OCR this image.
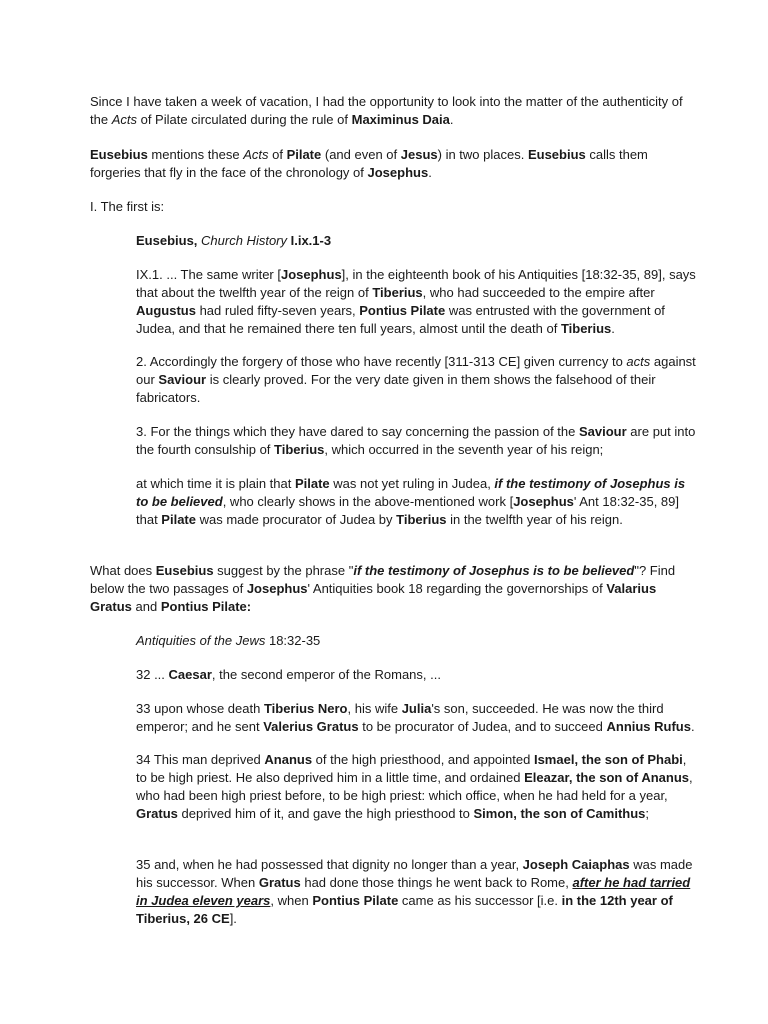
Since I have taken a week of vacation, I had the opportunity to look into the matter of the authenticity of the Acts of Pilate circulated during the rule of Maximinus Daia.

Eusebius mentions these Acts of Pilate (and even of Jesus) in two places. Eusebius calls them forgeries that fly in the face of the chronology of Josephus.

I. The first is:

Eusebius, Church History I.ix.1-3

IX.1. ... The same writer [Josephus], in the eighteenth book of his Antiquities [18:32-35, 89], says that about the twelfth year of the reign of Tiberius, who had succeeded to the empire after Augustus had ruled fifty-seven years, Pontius Pilate was entrusted with the government of Judea, and that he remained there ten full years, almost until the death of Tiberius.

2. Accordingly the forgery of those who have recently [311-313 CE] given currency to acts against our Saviour is clearly proved. For the very date given in them shows the falsehood of their fabricators.

3. For the things which they have dared to say concerning the passion of the Saviour are put into the fourth consulship of Tiberius, which occurred in the seventh year of his reign;

at which time it is plain that Pilate was not yet ruling in Judea, if the testimony of Josephus is to be believed, who clearly shows in the above-mentioned work [Josephus' Ant 18:32-35, 89] that Pilate was made procurator of Judea by Tiberius in the twelfth year of his reign.

What does Eusebius suggest by the phrase "if the testimony of Josephus is to be believed"? Find below the two passages of Josephus' Antiquities book 18 regarding the governorships of Valarius Gratus and Pontius Pilate:

Antiquities of the Jews 18:32-35

32 ... Caesar, the second emperor of the Romans, ...

33 upon whose death Tiberius Nero, his wife Julia's son, succeeded. He was now the third emperor; and he sent Valerius Gratus to be procurator of Judea, and to succeed Annius Rufus.

34 This man deprived Ananus of the high priesthood, and appointed Ismael, the son of Phabi, to be high priest. He also deprived him in a little time, and ordained Eleazar, the son of Ananus, who had been high priest before, to be high priest: which office, when he had held for a year, Gratus deprived him of it, and gave the high priesthood to Simon, the son of Camithus;

35 and, when he had possessed that dignity no longer than a year, Joseph Caiaphas was made his successor. When Gratus had done those things he went back to Rome, after he had tarried in Judea eleven years, when Pontius Pilate came as his successor [i.e. in the 12th year of Tiberius, 26 CE].
